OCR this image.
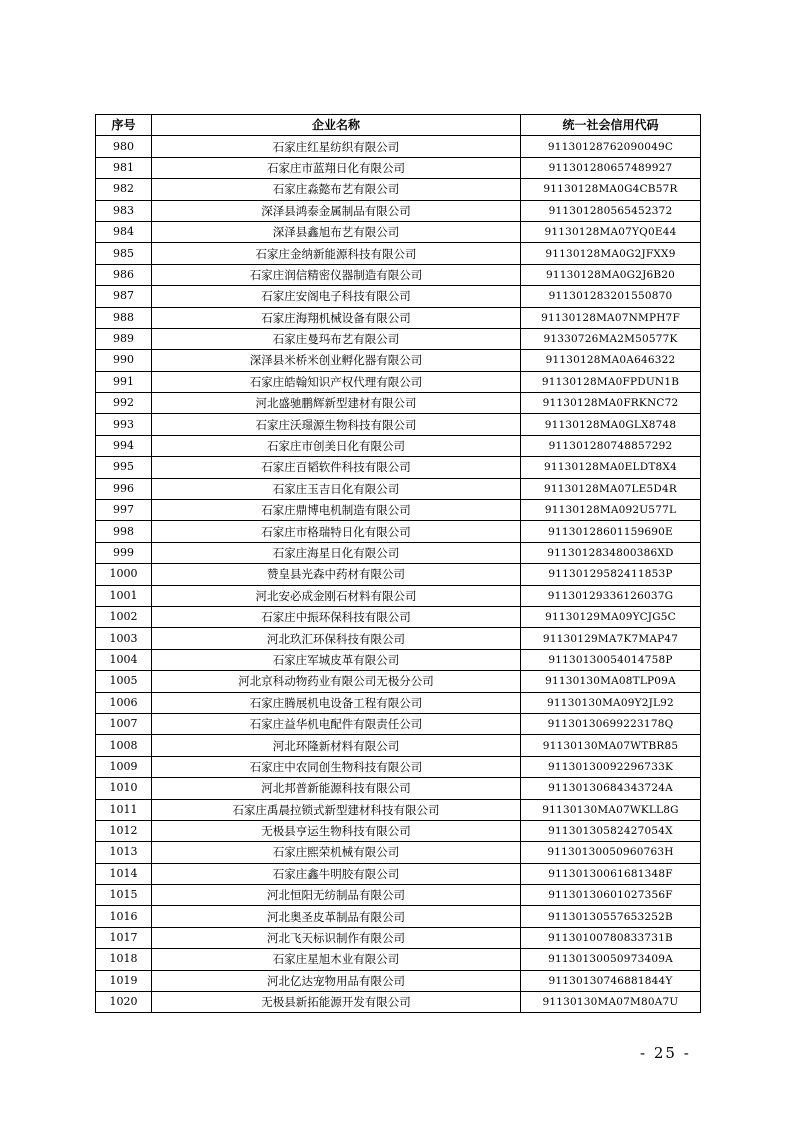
序号	企业名称	统一社会信用代码
980	石家庄红星纺织有限公司	91130128762090049C
981	石家庄市蓝翔日化有限公司	911301280657489927
982	石家庄淼懿布艺有限公司	91130128MA0G4CB57R
983	深泽县鸿泰金属制品有限公司	911301280565452372
984	深泽县鑫旭布艺有限公司	91130128MA07YQ0E44
985	石家庄金纳新能源科技有限公司	91130128MA0G2JFXX9
986	石家庄润信精密仪器制造有限公司	91130128MA0G2J6B20
987	石家庄安阁电子科技有限公司	911301283201550870
988	石家庄海翔机械设备有限公司	91130128MA07NMPH7F
989	石家庄曼玛布艺有限公司	91330726MA2M50577K
990	深泽县米桥米创业孵化器有限公司	91130128MA0A646322
991	石家庄皓翰知识产权代理有限公司	91130128MA0FPDUN1B
992	河北盛驰鹏辉新型建材有限公司	91130128MA0FRKNC72
993	石家庄沃璟源生物科技有限公司	91130128MA0GLX8748
994	石家庄市创美日化有限公司	911301280748857292
995	石家庄百韬软件科技有限公司	91130128MA0ELDT8X4
996	石家庄玉吉日化有限公司	91130128MA07LE5D4R
997	石家庄鼎博电机制造有限公司	91130128MA092U577L
998	石家庄市格瑞特日化有限公司	91130128601159690E
999	石家庄海星日化有限公司	91130128348003​86XD
1000	赞皇县光森中药材有限公司	91130129582411853P
1001	河北安必成金刚石材料有限公司	91130129336126037G
1002	石家庄中振环保科技有限公司	91130129MA09YCJG5C
1003	河北玖汇环保科技有限公司	91130129MA7K7MAP47
1004	石家庄军城皮革有限公司	91130130054014758P
1005	河北京科动物药业有限公司无极分公司	91130130MA08TLP09A
1006	石家庄腾展机电设备工程有限公司	91130130MA09Y2JL92
1007	石家庄益华机电配件有限责任公司	91130130699223178Q
1008	河北环隆新材料有限公司	91130130MA07WTBR85
1009	石家庄中农同创生物科技有限公司	91130130092296733K
1010	河北邦普新能源科技有限公司	91130130684343724A
1011	石家庄禹晨拉锁式新型建材科技有限公司	91130130MA07WKLL8G
1012	无极县亨运生物科技有限公司	91130130582427054X
1013	石家庄熙荣机械有限公司	91130130050960763H
1014	石家庄鑫牛明胶有限公司	91130130061681348F
1015	河北恒阳无纺制品有限公司	91130130601027356F
1016	河北奥圣皮革制品有限公司	91130130557653252B
1017	河北飞天标识制作有限公司	91130100780833731B
1018	石家庄星旭木业有限公司	91130130050973409A
1019	河北亿达宠物用品有限公司	91130130746881844Y
1020	无极县新拓能源开发有限公司	91130130MA07M80A7U
- 25 -
